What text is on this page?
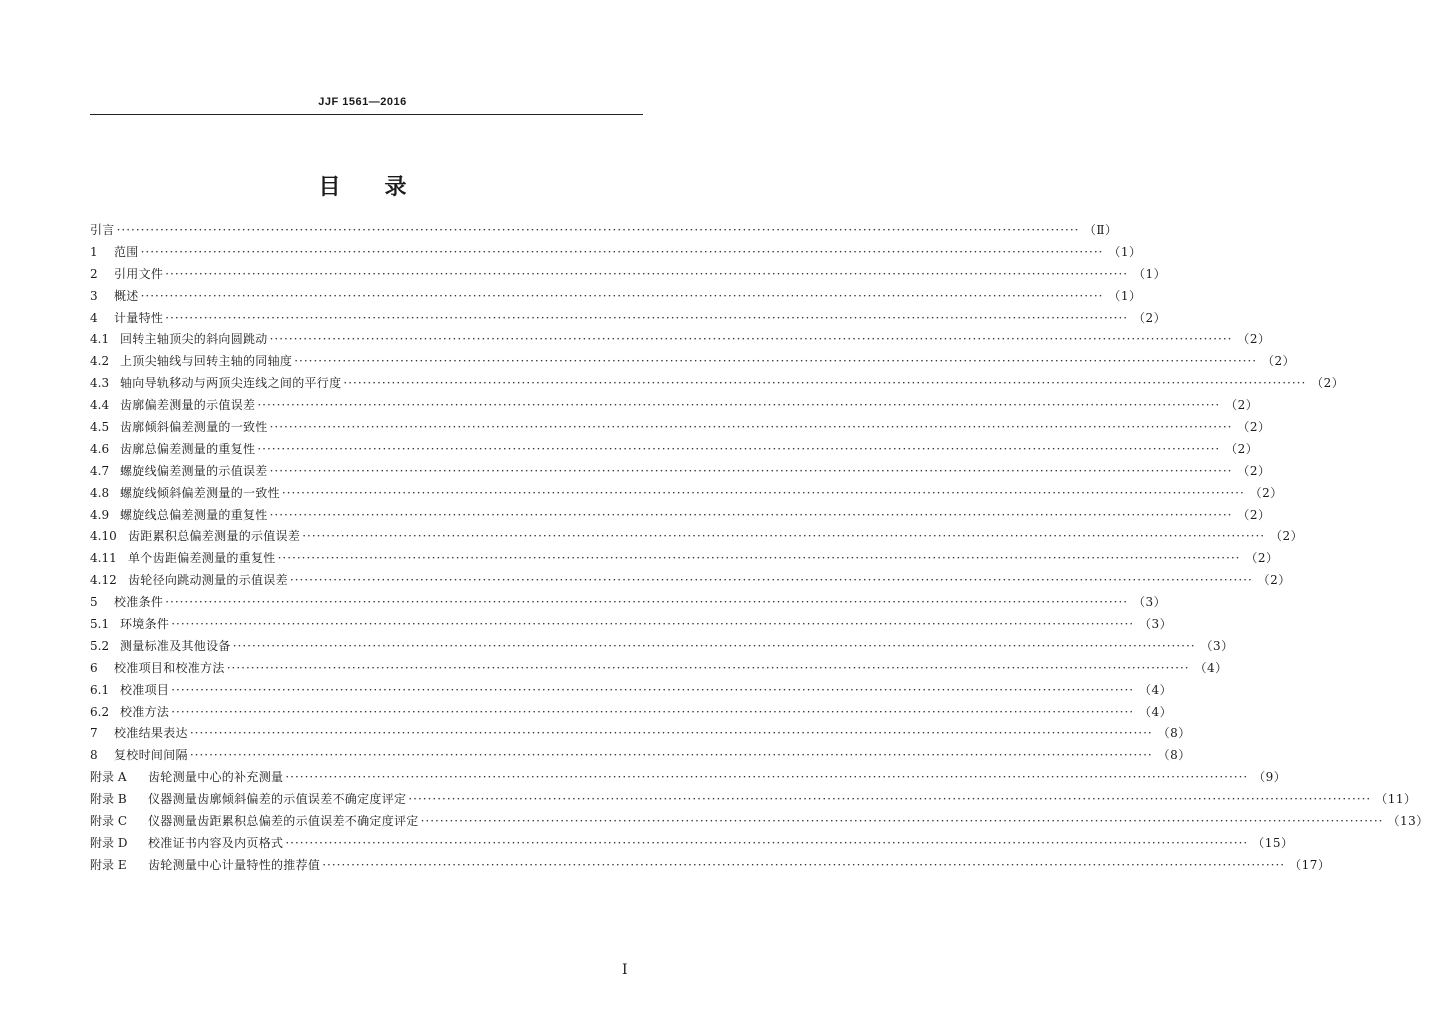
JJF 1561—2016
目录
引言 ········································································································································································································ （Ⅱ）
1	范围 ········································································································································································································ （1）
2	引用文件 ········································································································································································································ （1）
3	概述 ········································································································································································································ （1）
4	计量特性 ········································································································································································································ （2）
4.1 回转主轴顶尖的斜向圆跳动 ········································································································································································································ （2）
4.2 上顶尖轴线与回转主轴的同轴度 ········································································································································································································ （2）
4.3 轴向导轨移动与两顶尖连线之间的平行度 ········································································································································································································ （2）
4.4 齿廓偏差测量的示值误差 ········································································································································································································ （2）
4.5 齿廓倾斜偏差测量的一致性 ········································································································································································································ （2）
4.6 齿廓总偏差测量的重复性 ········································································································································································································ （2）
4.7 螺旋线偏差测量的示值误差 ········································································································································································································ （2）
4.8 螺旋线倾斜偏差测量的一致性 ········································································································································································································ （2）
4.9 螺旋线总偏差测量的重复性 ········································································································································································································ （2）
4.10 齿距累积总偏差测量的示值误差 ········································································································································································································ （2）
4.11 单个齿距偏差测量的重复性 ········································································································································································································ （2）
4.12 齿轮径向跳动测量的示值误差 ········································································································································································································ （2）
5	校准条件 ········································································································································································································ （3）
5.1 环境条件 ········································································································································································································ （3）
5.2 测量标准及其他设备 ········································································································································································································ （3）
6	校准项目和校准方法 ········································································································································································································ （4）
6.1 校准项目 ········································································································································································································ （4）
6.2 校准方法 ········································································································································································································ （4）
7	校准结果表达 ········································································································································································································ （8）
8	复校时间间隔 ········································································································································································································ （8）
附录 A	齿轮测量中心的补充测量 ········································································································································································································ （9）
附录 B	仪器测量齿廓倾斜偏差的示值误差不确定度评定 ········································································································································································································ （11）
附录 C	仪器测量齿距累积总偏差的示值误差不确定度评定 ········································································································································································································ （13）
附录 D	校准证书内容及内页格式 ········································································································································································································ （15）
附录 E	齿轮测量中心计量特性的推荐值 ········································································································································································································ （17）
Ⅰ
